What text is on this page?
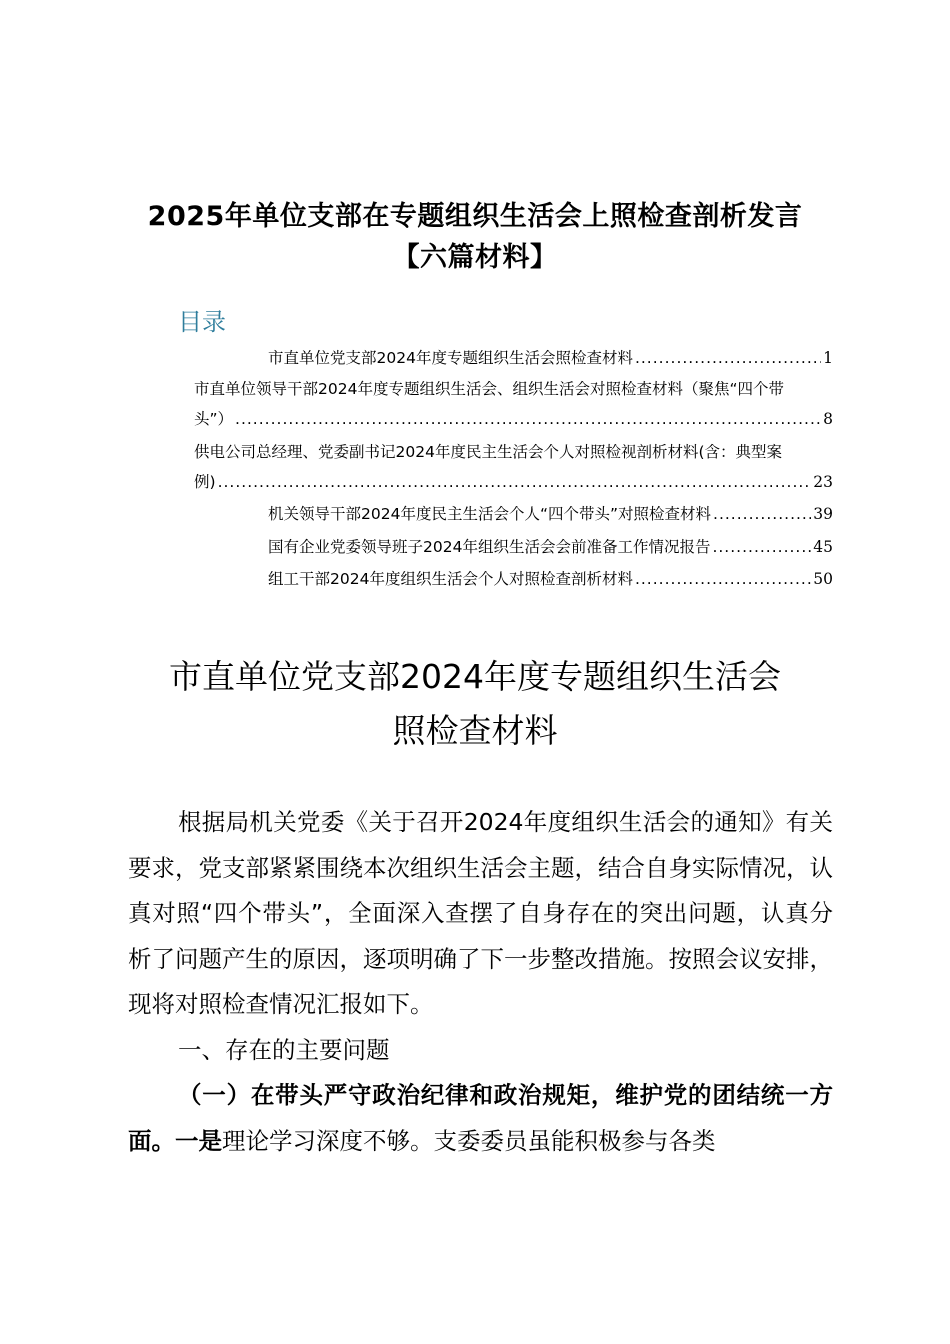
2025年单位支部在专题组织生活会上照检查剖析发言
【六篇材料】
目录
市直单位党支部2024年度专题组织生活会照检查材料 .....	1
市直单位领导干部2024年度专题组织生活会、组织生活会对照检查材料（聚焦“四个带
头”） .....	8
供电公司总经理、党委副书记2024年度民主生活会个人对照检视剖析材料(含：典型案
例) .....	23
机关领导干部2024年度民主生活会个人“四个带头”对照检查材料 .....	39
国有企业党委领导班子2024年组织生活会会前准备工作情况报告 .....	45
组工干部2024年度组织生活会个人对照检查剖析材料 .....	50
市直单位党支部2024年度专题组织生活会
照检查材料

根据局机关党委《关于召开2024年度组织生活会的通知》有关要求，党支部紧紧围绕本次组织生活会主题，结合自身实际情况，认真对照“四个带头”，全面深入查摆了自身存在的突出问题，认真分析了问题产生的原因，逐项明确了下一步整改措施。按照会议安排，现将对照检查情况汇报如下。

一、存在的主要问题

（一）在带头严守政治纪律和政治规矩，维护党的团结统一方面。一是理论学习深度不够。支委委员虽能积极参与各类
